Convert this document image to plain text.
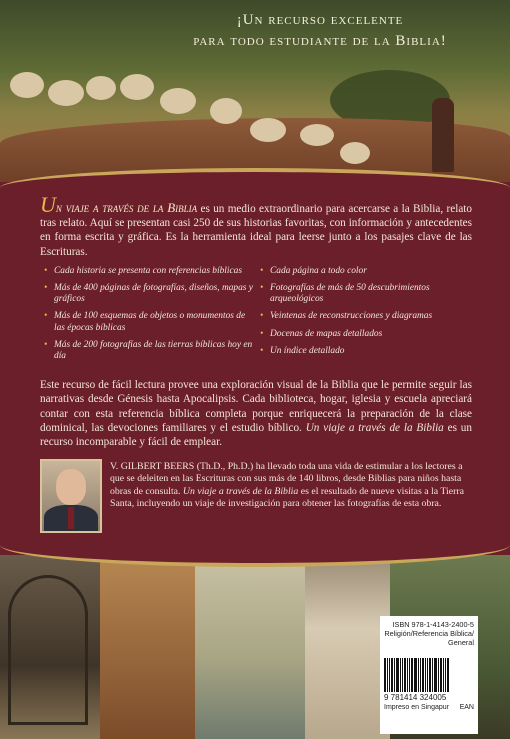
¡Un recurso excelente
para todo estudiante de la Biblia!

Un viaje a través de la Biblia es un medio extraordinario para acercarse a la Biblia, relato tras relato. Aquí se presentan casi 250 de sus historias favoritas, con información y antecedentes en forma escrita y gráfica. Es la herramienta ideal para leerse junto a los pasajes clave de las Escrituras.

• Cada historia se presenta con referencias bíblicas
• Más de 400 páginas de fotografías, diseños, mapas y gráficos
• Más de 100 esquemas de objetos o monumentos de las épocas bíblicas
• Más de 200 fotografías de las tierras bíblicas hoy en día
• Cada página a todo color
• Fotografías de más de 50 descubrimientos arqueológicos
• Veintenas de reconstrucciones y diagramas
• Docenas de mapas detallados
• Un índice detallado

Este recurso de fácil lectura provee una exploración visual de la Biblia que le permite seguir las narrativas desde Génesis hasta Apocalipsis. Cada biblioteca, hogar, iglesia y escuela apreciará contar con esta referencia bíblica completa porque enriquecerá la preparación de la clase dominical, las devociones familiares y el estudio bíblico. Un viaje a través de la Biblia es un recurso incomparable y fácil de emplear.

V. GILBERT BEERS (Th.D., Ph.D.) ha llevado toda una vida de estimular a los lectores a que se deleiten en las Escrituras con sus más de 140 libros, desde Biblias para niños hasta obras de consulta. Un viaje a través de la Biblia es el resultado de nueve visitas a la Tierra Santa, incluyendo un viaje de investigación para obtener las fotografías de esta obra.
ISBN 978-1-4143-2400-5
Religión/Referencia Bíblica/
General
9 781414 324005
Impreso en Singapur EAN
